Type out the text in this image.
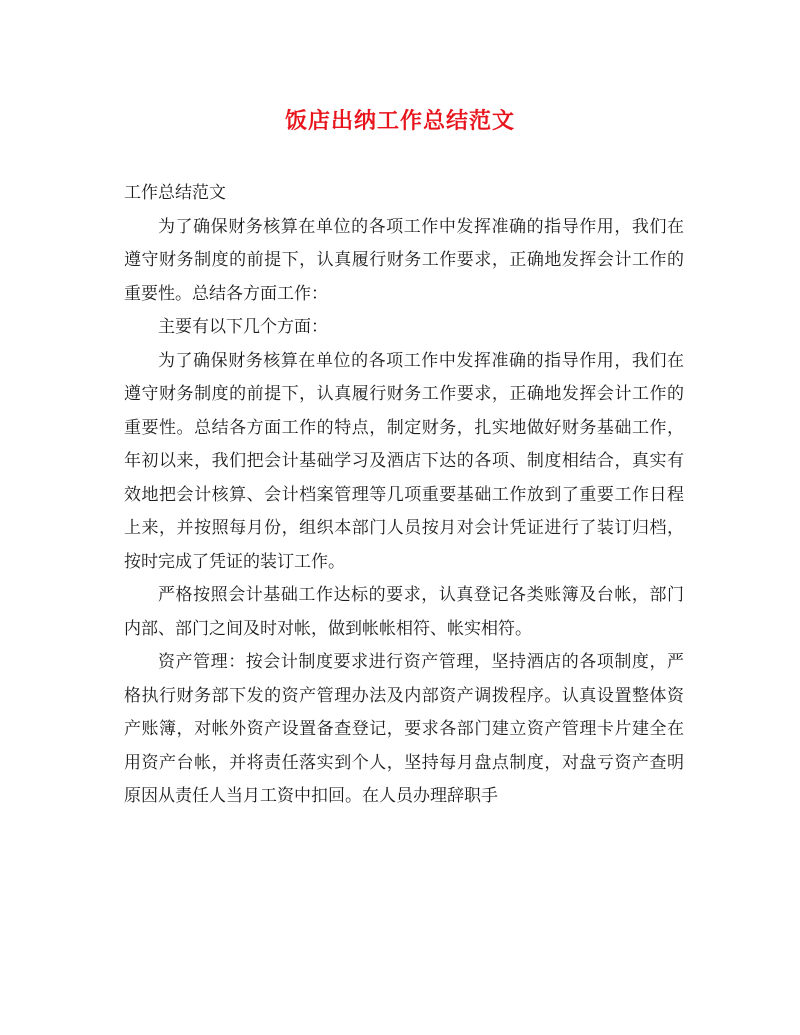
饭店出纳工作总结范文

工作总结范文

为了确保财务核算在单位的各项工作中发挥准确的指导作用，我们在遵守财务制度的前提下，认真履行财务工作要求，正确地发挥会计工作的重要性。总结各方面工作：

主要有以下几个方面：

为了确保财务核算在单位的各项工作中发挥准确的指导作用，我们在遵守财务制度的前提下，认真履行财务工作要求，正确地发挥会计工作的重要性。总结各方面工作的特点，制定财务，扎实地做好财务基础工作，年初以来，我们把会计基础学习及酒店下达的各项、制度相结合，真实有效地把会计核算、会计档案管理等几项重要基础工作放到了重要工作日程上来，并按照每月份，组织本部门人员按月对会计凭证进行了装订归档，按时完成了凭证的装订工作。

严格按照会计基础工作达标的要求，认真登记各类账簿及台帐，部门内部、部门之间及时对帐，做到帐帐相符、帐实相符。

资产管理：按会计制度要求进行资产管理，坚持酒店的各项制度，严格执行财务部下发的资产管理办法及内部资产调拨程序。认真设置整体资产账簿，对帐外资产设置备查登记，要求各部门建立资产管理卡片建全在用资产台帐，并将责任落实到个人，坚持每月盘点制度，对盘亏资产查明原因从责任人当月工资中扣回。在人员办理辞职手
